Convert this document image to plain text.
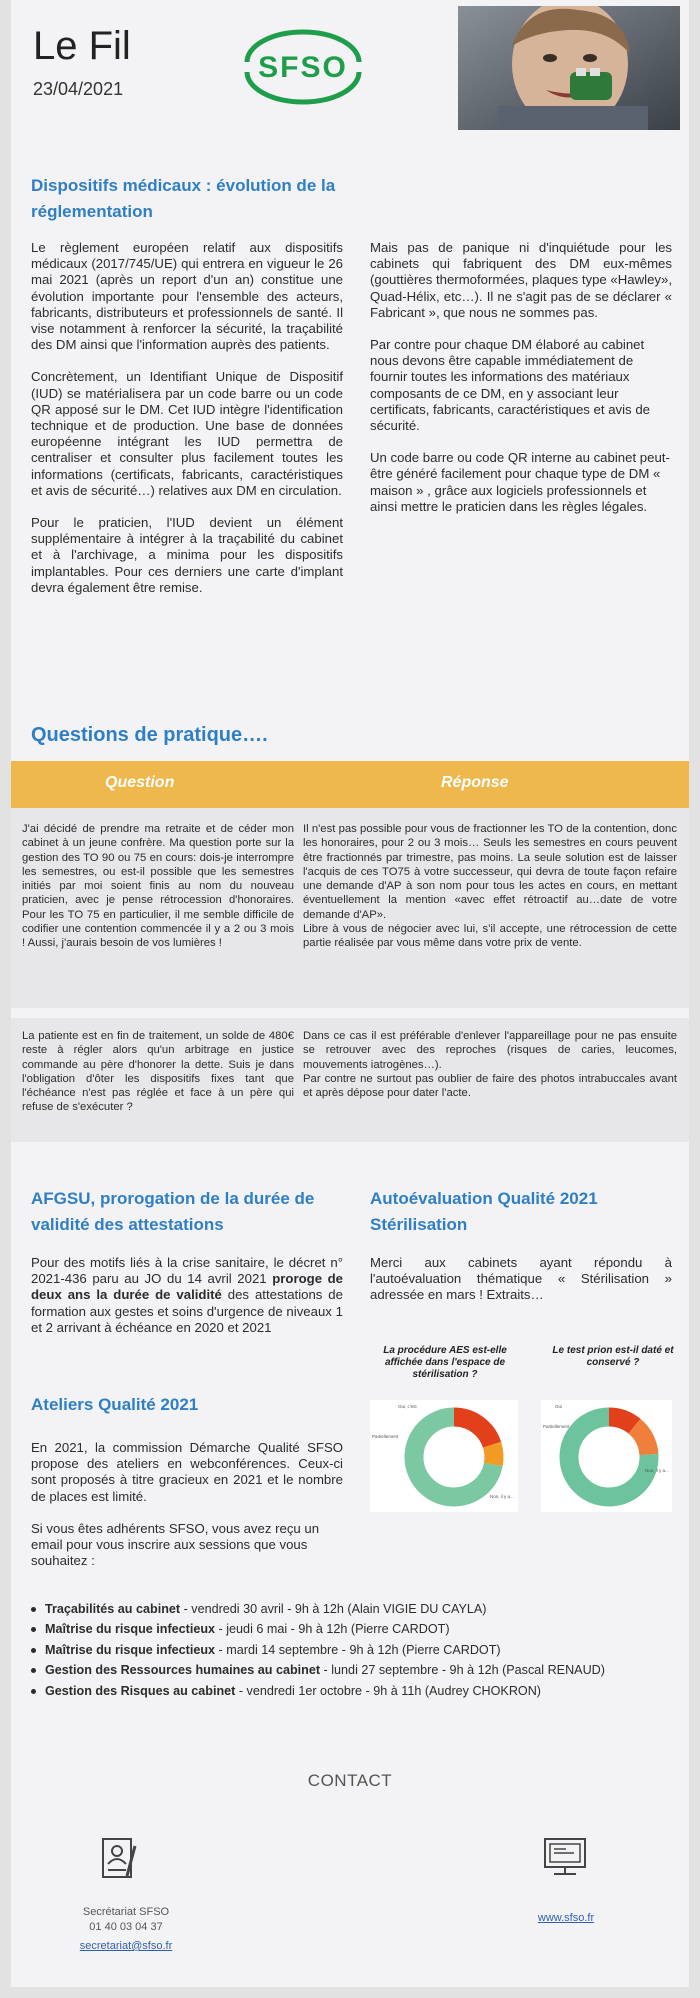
Le Fil
23/04/2021
SFSO
Dispositifs médicaux : évolution de la réglementation

Le règlement européen relatif aux dispositifs médicaux (2017/745/UE) qui entrera en vigueur le 26 mai 2021 (après un report d'un an) constitue une évolution importante pour l'ensemble des acteurs, fabricants, distributeurs et professionnels de santé. Il vise notamment à renforcer la sécurité, la traçabilité des DM ainsi que l'information auprès des patients.

Concrètement, un Identifiant Unique de Dispositif (IUD) se matérialisera par un code barre ou un code QR apposé sur le DM. Cet IUD intègre l'identification technique et de production. Une base de données européenne intégrant les IUD permettra de centraliser et consulter plus facilement toutes les informations (certificats, fabricants, caractéristiques et avis de sécurité…) relatives aux DM en circulation.

Pour le praticien, l'IUD devient un élément supplémentaire à intégrer à la traçabilité du cabinet et à l'archivage, a minima pour les dispositifs implantables. Pour ces derniers une carte d'implant devra également être remise.

Mais pas de panique ni d'inquiétude pour les cabinets qui fabriquent des DM eux-mêmes (gouttières thermoformées, plaques type «Hawley», Quad-Hélix, etc…). Il ne s'agit pas de se déclarer « Fabricant », que nous ne sommes pas.

Par contre pour chaque DM élaboré au cabinet nous devons être capable immédiatement de fournir toutes les informations des matériaux composants de ce DM, en y associant leur certificats, fabricants, caractéristiques et avis de sécurité.

Un code barre ou code QR interne au cabinet peut-être généré facilement pour chaque type de DM « maison » , grâce aux logiciels professionnels et ainsi mettre le praticien dans les règles légales.

Questions de pratique….
Question	Réponse
J'ai décidé de prendre ma retraite et de céder mon cabinet à un jeune confrère. Ma question porte sur la gestion des TO 90 ou 75 en cours: dois-je interrompre les semestres, ou est-il possible que les semestres initiés par moi soient finis au nom du nouveau praticien, avec je pense rétrocession d'honoraires. Pour les TO 75 en particulier, il me semble difficile de codifier une contention commencée il y a 2 ou 3 mois ! Aussi, j'aurais besoin de vos lumières !
Il n'est pas possible pour vous de fractionner les TO de la contention, donc les honoraires, pour 2 ou 3 mois… Seuls les semestres en cours peuvent être fractionnés par trimestre, pas moins. La seule solution est de laisser l'acquis de ces TO75 à votre successeur, qui devra de toute façon refaire une demande d'AP à son nom pour tous les actes en cours, en mettant éventuellement la mention «avec effet rétroactif au…date de votre demande d'AP».
Libre à vous de négocier avec lui, s'il accepte, une rétrocession de cette partie réalisée par vous même dans votre prix de vente.
La patiente est en fin de traitement, un solde de 480€ reste à régler alors qu'un arbitrage en justice commande au père d'honorer la dette. Suis je dans l'obligation d'ôter les dispositifs fixes tant que l'échéance n'est pas réglée et face à un père qui refuse de s'exécuter ?
Dans ce cas il est préférable d'enlever l'appareillage pour ne pas ensuite se retrouver avec des reproches (risques de caries, leucomes, mouvements iatrogènes…).
Par contre ne surtout pas oublier de faire des photos intrabuccales avant et après dépose pour dater l'acte.
AFGSU, prorogation de la durée de validité des attestations
Pour des motifs liés à la crise sanitaire, le décret n° 2021-436 paru au JO du 14 avril 2021 proroge de deux ans la durée de validité des attestations de formation aux gestes et soins d'urgence de niveaux 1 et 2 arrivant à échéance en 2020 et 2021
Ateliers Qualité 2021

En 2021, la commission Démarche Qualité SFSO propose des ateliers en webconférences. Ceux-ci sont proposés à titre gracieux en 2021 et le nombre de places est limité.

Si vous êtes adhérents SFSO, vous avez reçu un email pour vous inscrire aux sessions que vous souhaitez :

Traçabilités au cabinet - vendredi 30 avril - 9h à 12h (Alain VIGIE DU CAYLA)
Maîtrise du risque infectieux - jeudi 6 mai - 9h à 12h (Pierre CARDOT)
Maîtrise du risque infectieux - mardi 14 septembre - 9h à 12h (Pierre CARDOT)
Gestion des Ressources humaines au cabinet - lundi 27 septembre - 9h à 12h (Pascal RENAUD)
Gestion des Risques au cabinet - vendredi 1er octobre - 9h à 11h (Audrey CHOKRON)
Autoévaluation Qualité 2021 Stérilisation
Merci aux cabinets ayant répondu à l'autoévaluation thématique « Stérilisation » adressée en mars ! Extraits…
La procédure AES est-elle affichée dans l'espace de stérilisation ?
Le test prion est-il daté et conservé ?
Oui, c'est
Partiellement
Non, il y a...
Oui
Partiellement
Non, il y a...
CONTACT
Secrétariat SFSO
01 40 03 04 37
secretariat@sfso.fr
www.sfso.fr
